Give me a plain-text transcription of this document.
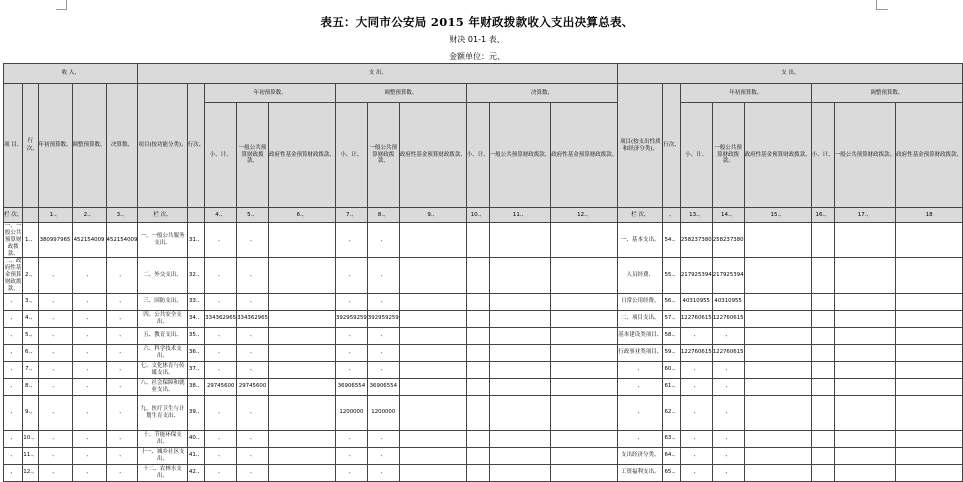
表五：大同市公安局 2015 年财政拨款收入支出决算总表、
财决 01-1 表、
金额单位：元、
收 入、					支 出、											支 出、							
项 目、	行次、	年初预算数、	调整预算数、	决算数、	项目(按功能分类)、	行次、	年初预算数、			调整预算数、			决算数、			项目(按支出性质和经济分类)、	行次、	年初预算数、			调整预算数、		
							小、计、	一般公共预算财政拨款、	政府性基金预算财政拨款、	小、计、	一般公共预算财政拨款、	政府性基金预算财政拨款、	小、计、	一般公共预算财政拨款、	政府性基金预算财政拨款、			小、计、	一般公共预算财政拨款、	政府性基金预算财政拨款、	小、计、	一般公共预算财政拨款、	政府性基金预算财政拨款、
栏 次、		1.、	2.、	3.、	栏 次、		4.、	5.、	6.、	7.、	8.、	9.、	10.、	11.、	12.、	栏 次、	、	13.、	14.、	15.、	16.、	17.、	18
一、一般公共预算财政拨款、	1.、	380997965	452154009	452154009	一、一般公共服务支出、	31.、	、	、		、	、					一、基本支出、	54.、	258237380	258237380				
二、政府性基金预算财政拨款、	2.、	、	、	、	二、外交支出、	32.、	、	、		、	、					人员经费、	55.、	217925394	217925394				
、	3.、	、	、	、	三、国防支出、	33.、	、	、		、	、					日常公用经费、	56.、	40310955	40310955				
、	4.、	、	、	、	四、公共安全支出、	34.、	334362965	334362965		392959259	392959259					二、项目支出、	57.、	122760615	122760615				
、	5.、	、	、	、	五、教育支出、	35.、	、	、		、	、					基本建设类项目、	58.、	、	、				
、	6.、	、	、	、	六、科学技术支出、	36.、	、	、		、	、					行政事业类项目、	59.、	122760615	122760615				
、	7.、	、	、	、	七、文化体育与传媒支出、	37.、	、	、		、	、					、	60.、	、	、				
、	8.、	、	、	、	八、社会保障和就业支出、	38.、	29745600	29745600		36906554	36906554					、	61.、	、	、				
、	9.、	、	、	、	九、医疗卫生与计划生育支出、	39.、	、	、		1200000	1200000					、	62.、	、	、				
、	10.、	、	、	、	十、节能环保支出、	40.、	、	、		、	、					、	63.、	、	、				
、	11.、	、	、	、	十一、城乡社区支出、	41.、	、	、		、	、					支出经济分类、	64.、	、	、				
、	12.、	、	、	、	十二、农林水支出、	42.、	、	、		、	、					工资福利支出、	65.、	、	、				
